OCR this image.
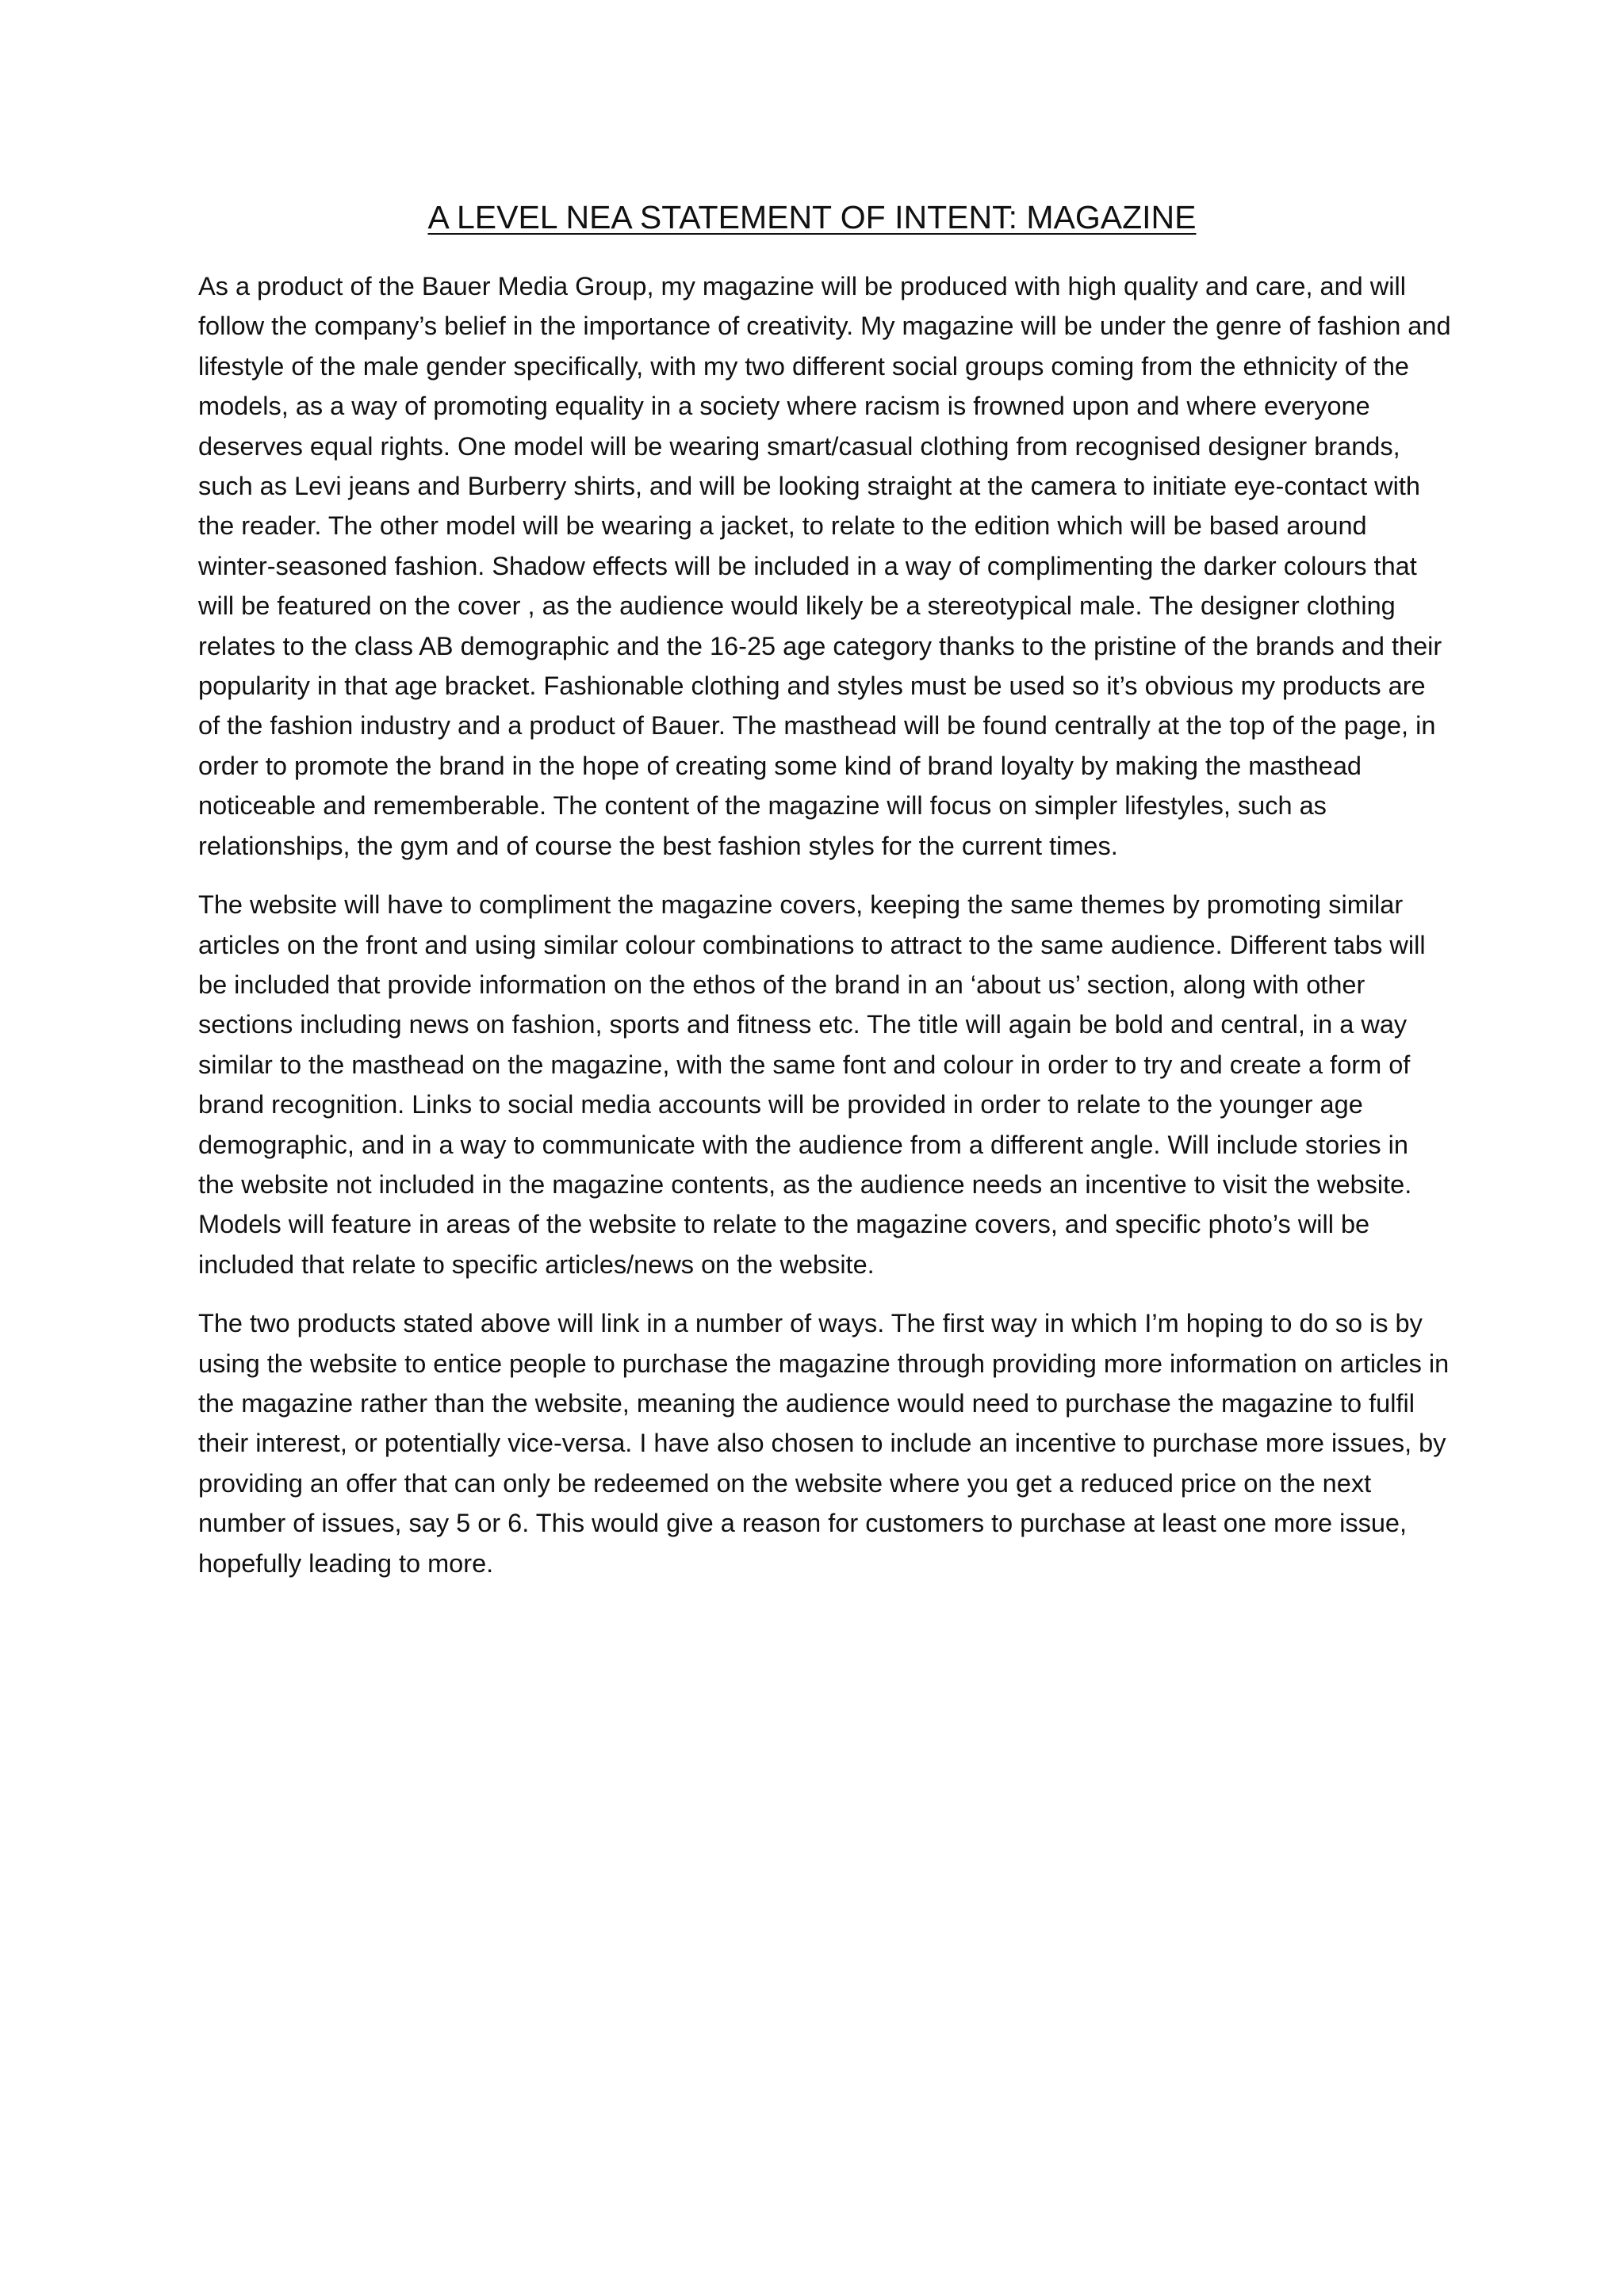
A LEVEL NEA STATEMENT OF INTENT: MAGAZINE

As a product of the Bauer Media Group, my magazine will be produced with high quality and care, and will follow the company’s belief in the importance of creativity. My magazine will be under the genre of fashion and lifestyle of the male gender specifically, with my two different social groups coming from the ethnicity of the models, as a way of promoting equality in a society where racism is frowned upon and where everyone deserves equal rights. One model will be wearing smart/casual clothing from recognised designer brands, such as Levi jeans and Burberry shirts, and will be looking straight at the camera to initiate eye-contact with the reader. The other model will be wearing a jacket, to relate to the edition which will be based around winter-seasoned fashion. Shadow effects will be included in a way of complimenting the darker colours that will be featured on the cover , as the audience would likely be a stereotypical male. The designer clothing relates to the class AB demographic and the 16-25 age category thanks to the pristine of the brands and their popularity in that age bracket. Fashionable clothing and styles must be used so it’s obvious my products are of the fashion industry and a product of Bauer. The masthead will be found centrally at the top of the page, in order to promote the brand in the hope of creating some kind of brand loyalty by making the masthead noticeable and rememberable. The content of the magazine will focus on simpler lifestyles, such as relationships, the gym and of course the best fashion styles for the current times.

The website will have to compliment the magazine covers, keeping the same themes by promoting similar articles on the front and using similar colour combinations to attract to the same audience. Different tabs will be included that provide information on the ethos of the brand in an ‘about us’ section, along with other sections including news on fashion, sports and fitness etc. The title will again be bold and central, in a way similar to the masthead on the magazine, with the same font and colour in order to try and create a form of brand recognition. Links to social media accounts will be provided in order to relate to the younger age demographic, and in a way to communicate with the audience from a different angle. Will include stories in the website not included in the magazine contents, as the audience needs an incentive to visit the website. Models will feature in areas of the website to relate to the magazine covers, and specific photo’s will be included that relate to specific articles/news on the website.

The two products stated above will link in a number of ways. The first way in which I’m hoping to do so is by using the website to entice people to purchase the magazine through providing more information on articles in the magazine rather than the website, meaning the audience would need to purchase the magazine to fulfil their interest, or potentially vice-versa. I have also chosen to include an incentive to purchase more issues, by providing an offer that can only be redeemed on the website where you get a reduced price on the next number of issues, say 5 or 6. This would give a reason for customers to purchase at least one more issue, hopefully leading to more.
